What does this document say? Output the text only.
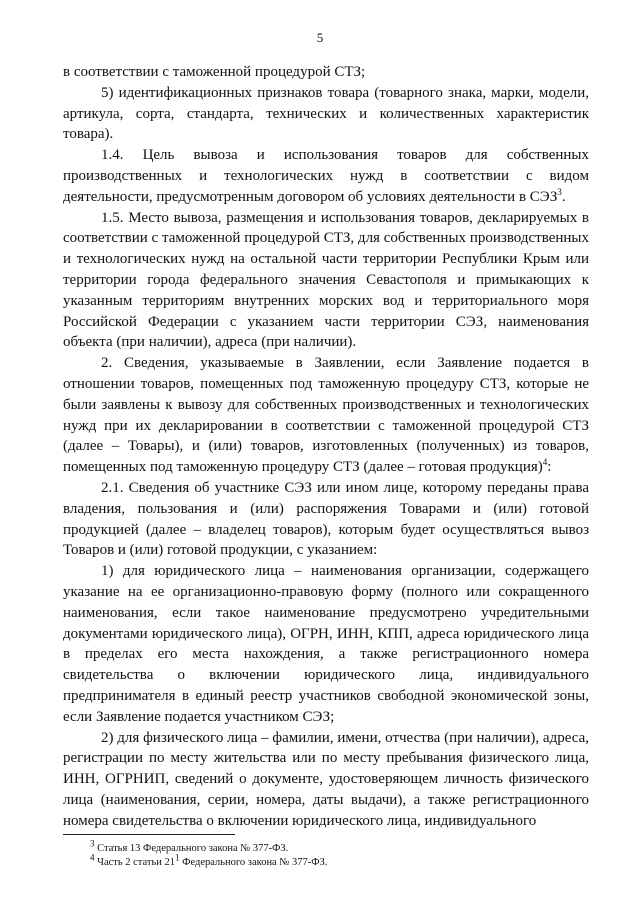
5

в соответствии с таможенной процедурой СТЗ;

5) идентификационных признаков товара (товарного знака, марки, модели, артикула, сорта, стандарта, технических и количественных характеристик товара).

1.4. Цель вывоза и использования товаров для собственных производственных и технологических нужд в соответствии с видом деятельности, предусмотренным договором об условиях деятельности в СЭЗ$^3$.

1.5. Место вывоза, размещения и использования товаров, декларируемых в соответствии с таможенной процедурой СТЗ, для собственных производственных и технологических нужд на остальной части территории Республики Крым или территории города федерального значения Севастополя и примыкающих к указанным территориям внутренних морских вод и территориального моря Российской Федерации с указанием части территории СЭЗ, наименования объекта (при наличии), адреса (при наличии).

2. Сведения, указываемые в Заявлении, если Заявление подается в отношении товаров, помещенных под таможенную процедуру СТЗ, которые не были заявлены к вывозу для собственных производственных и технологических нужд при их декларировании в соответствии с таможенной процедурой СТЗ (далее – Товары), и (или) товаров, изготовленных (полученных) из товаров, помещенных под таможенную процедуру СТЗ (далее – готовая продукция)$^4$:

2.1. Сведения об участнике СЭЗ или ином лице, которому переданы права владения, пользования и (или) распоряжения Товарами и (или) готовой продукцией (далее – владелец товаров), которым будет осуществляться вывоз Товаров и (или) готовой продукции, с указанием:

1) для юридического лица – наименования организации, содержащего указание на ее организационно-правовую форму (полного или сокращенного наименования, если такое наименование предусмотрено учредительными документами юридического лица), ОГРН, ИНН, КПП, адреса юридического лица в пределах его места нахождения, а также регистрационного номера свидетельства о включении юридического лица, индивидуального предпринимателя в единый реестр участников свободной экономической зоны, если Заявление подается участником СЭЗ;

2) для физического лица – фамилии, имени, отчества (при наличии), адреса, регистрации по месту жительства или по месту пребывания физического лица, ИНН, ОГРНИП, сведений о документе, удостоверяющем личность физического лица (наименования, серии, номера, даты выдачи), а также регистрационного номера свидетельства о включении юридического лица, индивидуального

$^3$ Статья 13 Федерального закона № 377-ФЗ.

$^4$ Часть 2 статьи $21^1$ Федерального закона № 377-ФЗ.
